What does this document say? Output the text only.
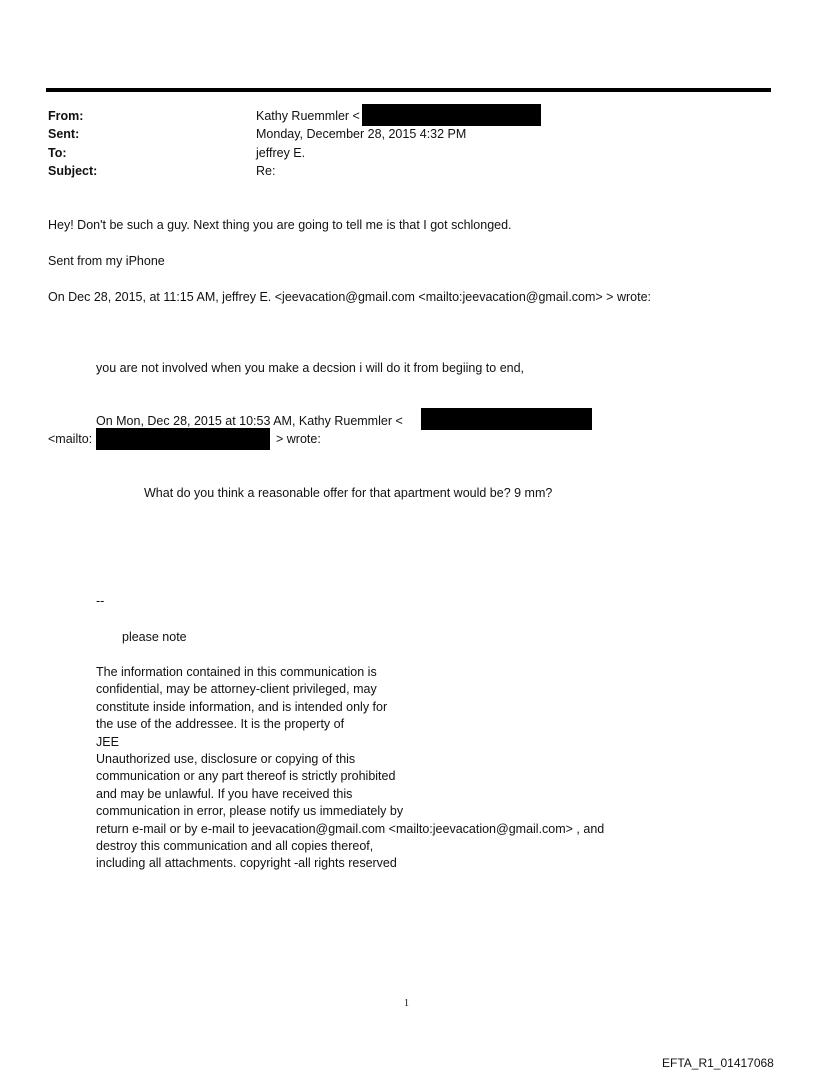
From:	Kathy Ruemmler <
Sent:	Monday, December 28, 2015 4:32 PM
To:	jeffrey E.
Subject:	Re:
Hey! Don't be such a guy. Next thing you are going to tell me is that I got schlonged.
Sent from my iPhone
On Dec 28, 2015, at 11:15 AM, jeffrey E. <jeevacation@gmail.com <mailto:jeevacation@gmail.com> > wrote:
you are not involved when you make a decsion i will do it from begiing to end,
On Mon, Dec 28, 2015 at 10:53 AM, Kathy Ruemmler <
<mailto:	> wrote:
What do you think a reasonable offer for that apartment would be? 9 mm?
--
please note
The information contained in this communication is
confidential, may be attorney-client privileged, may
constitute inside information, and is intended only for
the use of the addressee. It is the property of
JEE
Unauthorized use, disclosure or copying of this
communication or any part thereof is strictly prohibited
and may be unlawful. If you have received this
communication in error, please notify us immediately by
return e-mail or by e-mail to jeevacation@gmail.com <mailto:jeevacation@gmail.com> , and
destroy this communication and all copies thereof,
including all attachments. copyright -all rights reserved
1
EFTA_R1_01417068
